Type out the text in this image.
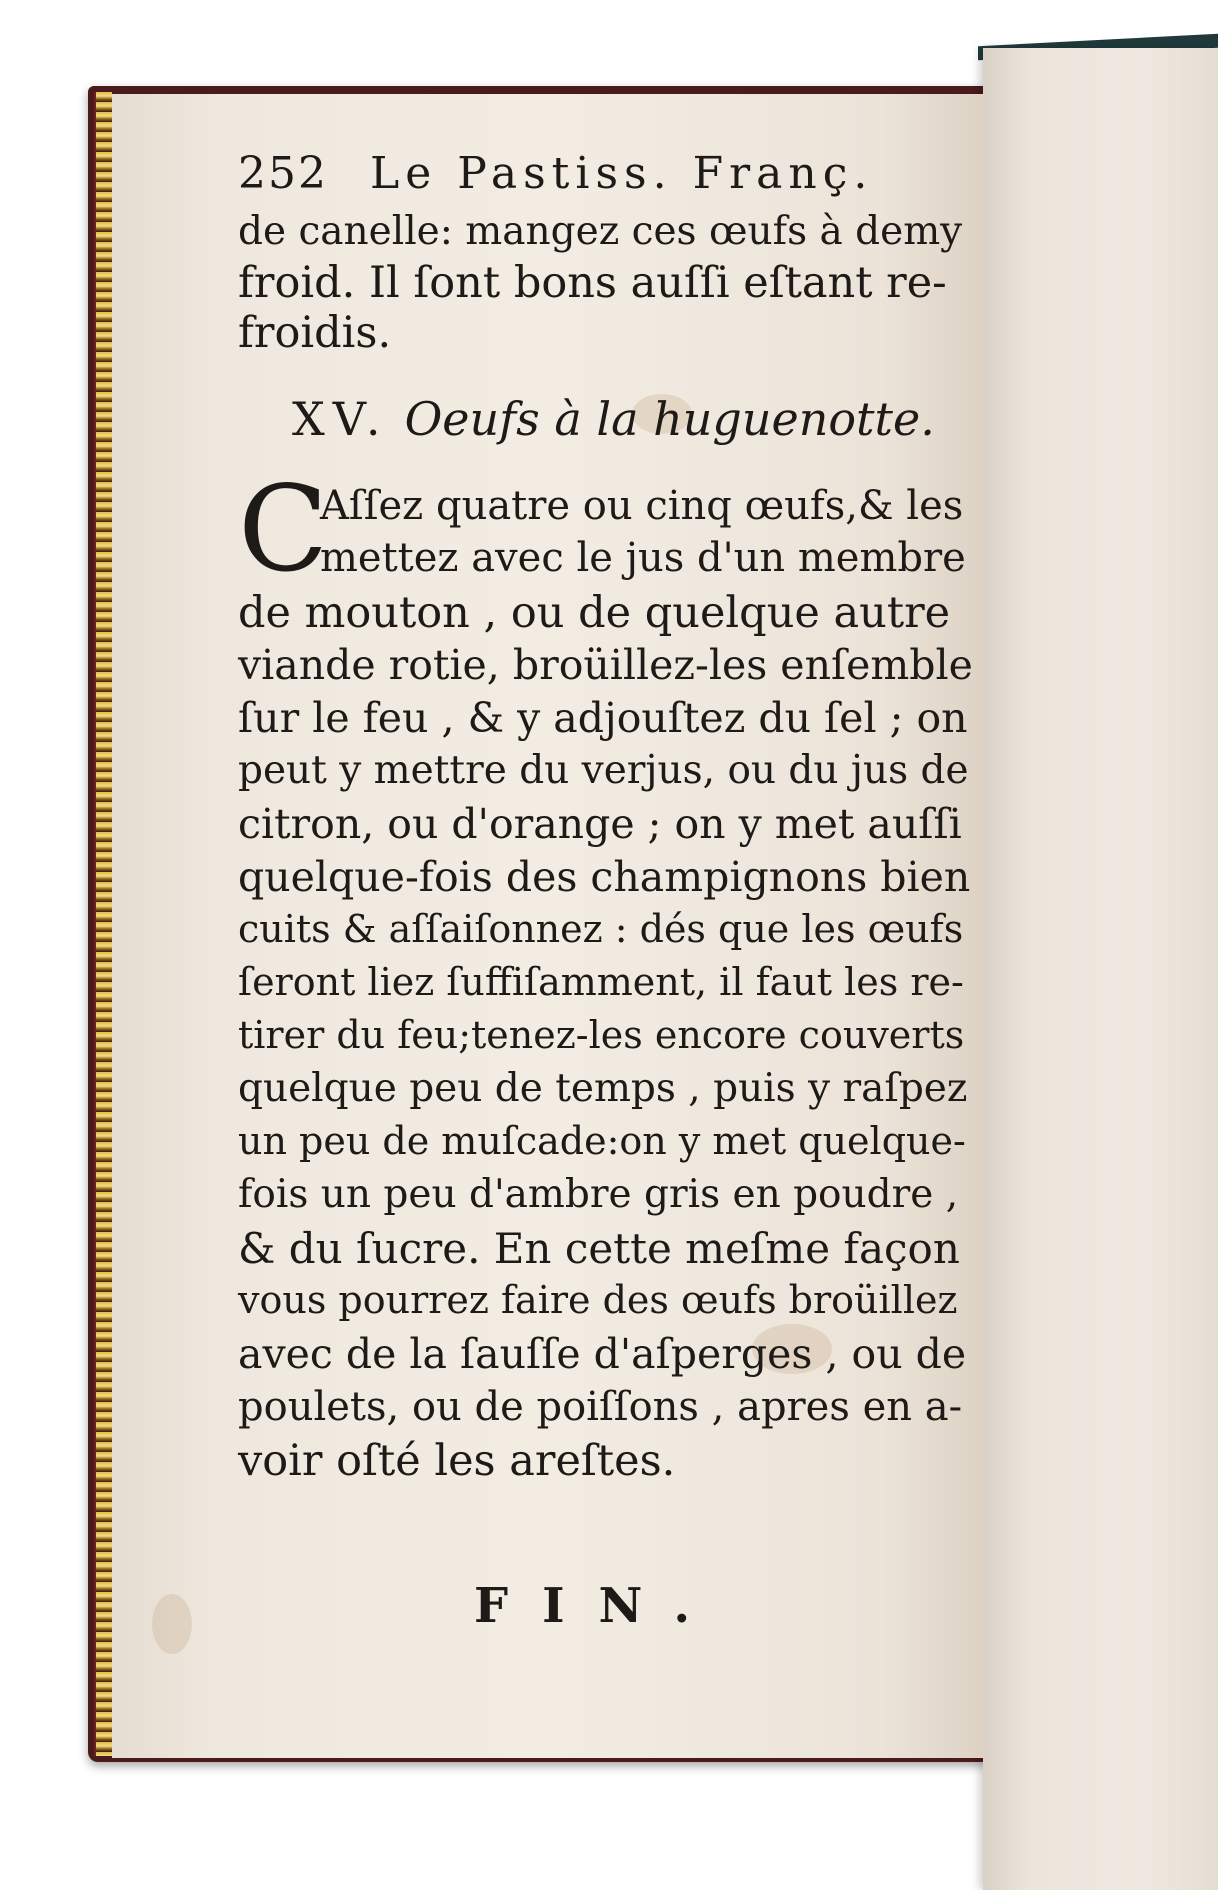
252 Le Pastiss. Franç.
de canelle: mangez ces œufs à demy
froid. Il ſont bons auſſi eſtant re-
froidis.
XV. Oeufs à la huguenotte.
C
Aſſez quatre ou cinq œufs,& les
mettez avec le jus d'un membre
de mouton , ou de quelque autre
viande rotie, broüillez-les enſemble
ſur le feu , & y adjouſtez du ſel ; on
peut y mettre du verjus, ou du jus de
citron, ou d'orange ; on y met auſſi
quelque-fois des champignons bien
cuits & aſſaiſonnez : dés que les œufs
ſeront liez ſuffiſamment, il faut les re-
tirer du feu;tenez-les encore couverts
quelque peu de temps , puis y raſpez
un peu de muſcade:on y met quelque-
fois un peu d'ambre gris en poudre ,
& du ſucre. En cette meſme façon
vous pourrez faire des œufs broüillez
avec de la ſauſſe d'aſperges , ou de
poulets, ou de poiſſons , apres en a-
voir oſté les areſtes.
FIN.
